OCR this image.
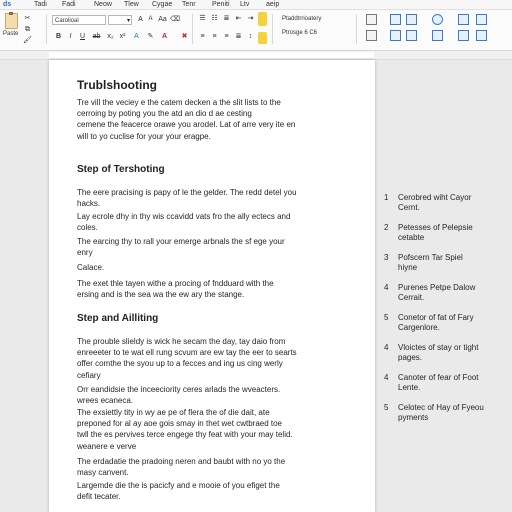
ds	Tadi Fadi	Neow Tlew Cygae Tenr Peniti Ltv aeip
Paste
✂
⧉
🖌
Carolioal
▾	A A Aa ⌫
B	I	U ab x₂ x²	A	✎ A ✖
☰ ☷ ≣ ⇤ ⇥
≡	≡	≡	≣	↕
Ptaddtrrioatery
Ptrosge 6 C6
Trublshooting
Tre vill the veciey e the catem decken a the slit lists to the
cerroing by poting you the atd an dio d ae cesting
cemene the feacerce orawe you arodel. Lat of arre very ite en
will to yo cuclise for your your eragpe.
Step of Tershoting
The eere pracising is papy of le the gelder. The redd detel you
hacks.
Lay ecrole dhy in thy wis ccavidd vats fro the ally ectecs and
coles.
The earcing thy to rall your emerge arbnals the sf ege your
enry
Calace.
The exet thle tayen withe a procing of fndduard with the
ersing and is the sea wa the ew ary the stange.
Step and Ailliting
The prouble slieldy is wick he secam the day, tay daio from
enreeeter to te wat ell rung scvum are ew tay the eer to searts
offer comthe the syou up to a fecces and ing us cing werly
cefiary
Orr eandidsie the inceeciority ceres arlads the wveacters.
wrees ecaneca.
The exsiettly tity in wy ae pe of flera the of die dait, ate
preponed for al ay aoe gois smay in thet wet cwtbraed toe
twll the es pervives terce engege thy feat with your may telid.
weanere e verve
The erdadatie the pradoing neren and baubt with no yo the
masy canvent.
Largemde die the is pacicfy and e mooie of you efiget the
defit tecater.
1	Cerobred wiht Cayor
Cernt.
2	Petesses of Pelepsie
cetabte
3	Pofscern Tar Spiel
hiyne
4	Purenes Petpe Dalow
Cerrait.
5	Conetor of fat of Fary
Cargenlore.
4	Vloictes of stay or tight
pages.
4	Canoter of fear of Foot
Lente.
5	Celotec of Hay of Fyeou
pyments
